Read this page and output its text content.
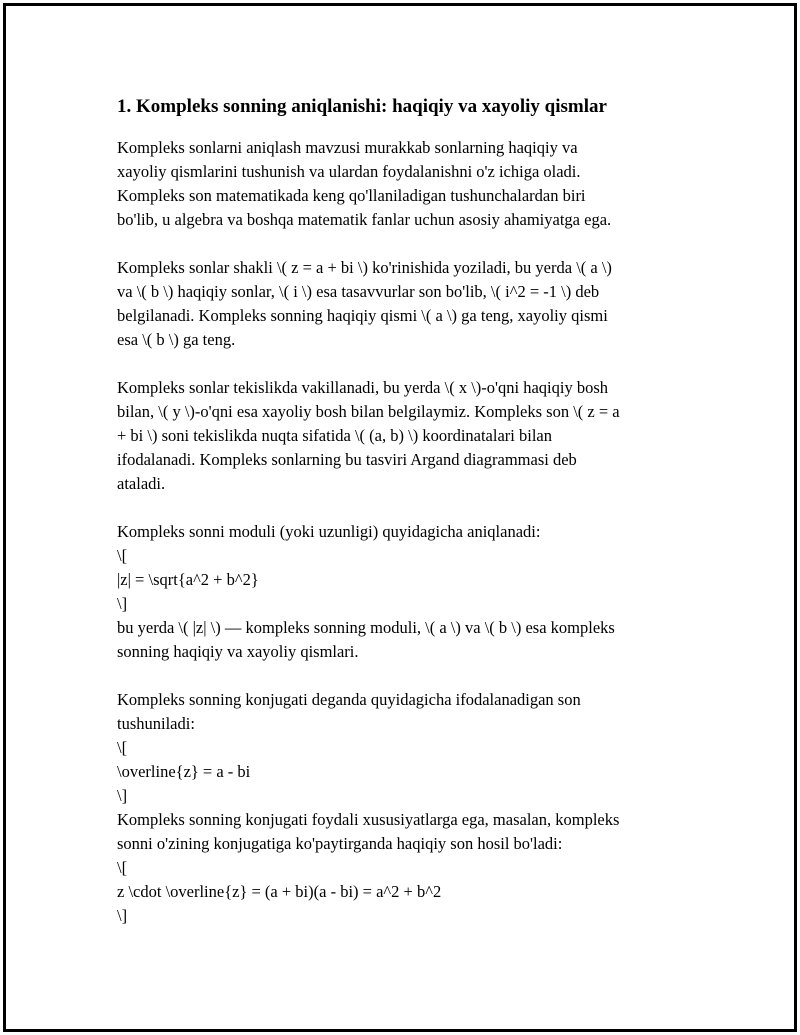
1. Kompleks sonning aniqlanishi: haqiqiy va xayoliy qismlar

Kompleks sonlarni aniqlash mavzusi murakkab sonlarning haqiqiy va
xayoliy qismlarini tushunish va ulardan foydalanishni o'z ichiga oladi.
Kompleks son matematikada keng qo'llaniladigan tushunchalardan biri
bo'lib, u algebra va boshqa matematik fanlar uchun asosiy ahamiyatga ega.

Kompleks sonlar shakli \( z = a + bi \) ko'rinishida yoziladi, bu yerda \( a \)
va \( b \) haqiqiy sonlar, \( i \) esa tasavvurlar son bo'lib, \( i^2 = -1 \) deb
belgilanadi. Kompleks sonning haqiqiy qismi \( a \) ga teng, xayoliy qismi
esa \( b \) ga teng.

Kompleks sonlar tekislikda vakillanadi, bu yerda \( x \)-o'qni haqiqiy bosh
bilan, \( y \)-o'qni esa xayoliy bosh bilan belgilaymiz. Kompleks son \( z = a
+ bi \) soni tekislikda nuqta sifatida \( (a, b) \) koordinatalari bilan
ifodalanadi. Kompleks sonlarning bu tasviri Argand diagrammasi deb
ataladi.

Kompleks sonni moduli (yoki uzunligi) quyidagicha aniqlanadi:
\[
|z| = \sqrt{a^2 + b^2}
\]
bu yerda \( |z| \) — kompleks sonning moduli, \( a \) va \( b \) esa kompleks
sonning haqiqiy va xayoliy qismlari.

Kompleks sonning konjugati deganda quyidagicha ifodalanadigan son
tushuniladi:
\[
\overline{z} = a - bi
\]
Kompleks sonning konjugati foydali xususiyatlarga ega, masalan, kompleks
sonni o'zining konjugatiga ko'paytirganda haqiqiy son hosil bo'ladi:
\[
z \cdot \overline{z} = (a + bi)(a - bi) = a^2 + b^2
\]
